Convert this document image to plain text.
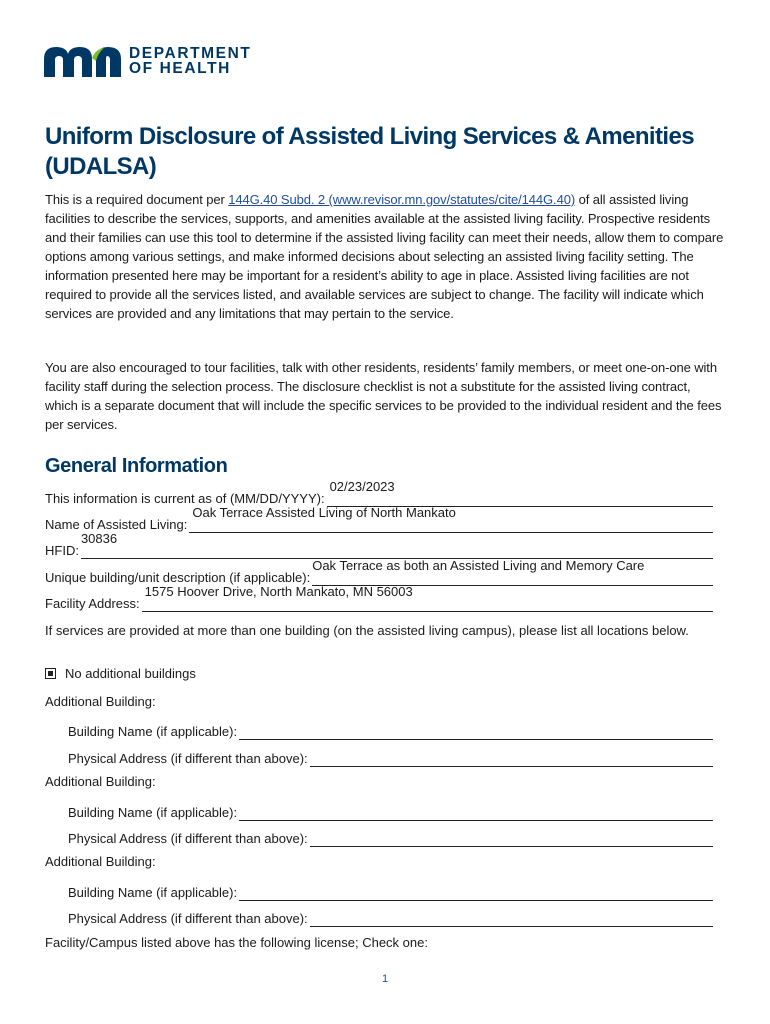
DEPARTMENT
OF HEALTH
Uniform Disclosure of Assisted Living Services & Amenities (UDALSA)

This is a required document per 144G.40 Subd. 2 (www.revisor.mn.gov/statutes/cite/144G.40) of all assisted living facilities to describe the services, supports, and amenities available at the assisted living facility. Prospective residents and their families can use this tool to determine if the assisted living facility can meet their needs, allow them to compare options among various settings, and make informed decisions about selecting an assisted living facility setting. The information presented here may be important for a resident’s ability to age in place. Assisted living facilities are not required to provide all the services listed, and available services are subject to change. The facility will indicate which services are provided and any limitations that may pertain to the service.

You are also encouraged to tour facilities, talk with other residents, residents’ family members, or meet one-on-one with facility staff during the selection process. The disclosure checklist is not a substitute for the assisted living contract, which is a separate document that will include the specific services to be provided to the individual resident and the fees per services.

General Information
This information is current as of (MM/DD/YYYY):
02/23/2023
Name of Assisted Living:
Oak Terrace Assisted Living of North Mankato
HFID:
30836
Unique building/unit description (if applicable):
Oak Terrace as both an Assisted Living and Memory Care
Facility Address:
1575 Hoover Drive, North Mankato, MN 56003

If services are provided at more than one building (on the assisted living campus), please list all locations below.

No additional buildings
Additional Building:
Building Name (if applicable):
Physical Address (if different than above):
Additional Building:
Building Name (if applicable):
Physical Address (if different than above):
Additional Building:
Building Name (if applicable):
Physical Address (if different than above):
Facility/Campus listed above has the following license; Check one:
1
